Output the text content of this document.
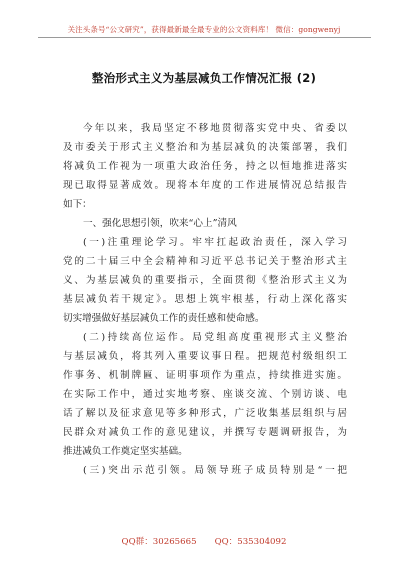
关注头条号“公文研究”，获得最新最全最专业的公文资料库！ 微信：gongwenyj
整治形式主义为基层减负工作情况汇报 (2)
今年以来，我局坚定不移地贯彻落实党中央、省委以
及市委关于形式主义整治和为基层减负的决策部署，我们
将减负工作视为一项重大政治任务，持之以恒地推进落实
现已取得显著成效。现将本年度的工作进展情况总结报告
如下：
一、强化思想引领，吹来“心上”清风
(一)注重理论学习。牢牢扛起政治责任，深入学习
党的二十届三中全会精神和习近平总书记关于整治形式主
义、为基层减负的重要指示，全面贯彻《整治形式主义为
基层减负若干规定》。思想上筑牢根基，行动上深化落实
切实增强做好基层减负工作的责任感和使命感。
(二)持续高位运作。局党组高度重视形式主义整治
与基层减负，将其列入重要议事日程。把规范村级组织工
作事务、机制牌匾、证明事项作为重点，持续推进实施。
在实际工作中，通过实地考察、座谈交流、个别访谈、电
话了解以及征求意见等多种形式，广泛收集基层组织与居
民群众对减负工作的意见建议，并撰写专题调研报告，为
推进减负工作奠定坚实基础。
(三)突出示范引领。局领导班子成员特别是“一把
QQ群：30265665 QQ：535304092
